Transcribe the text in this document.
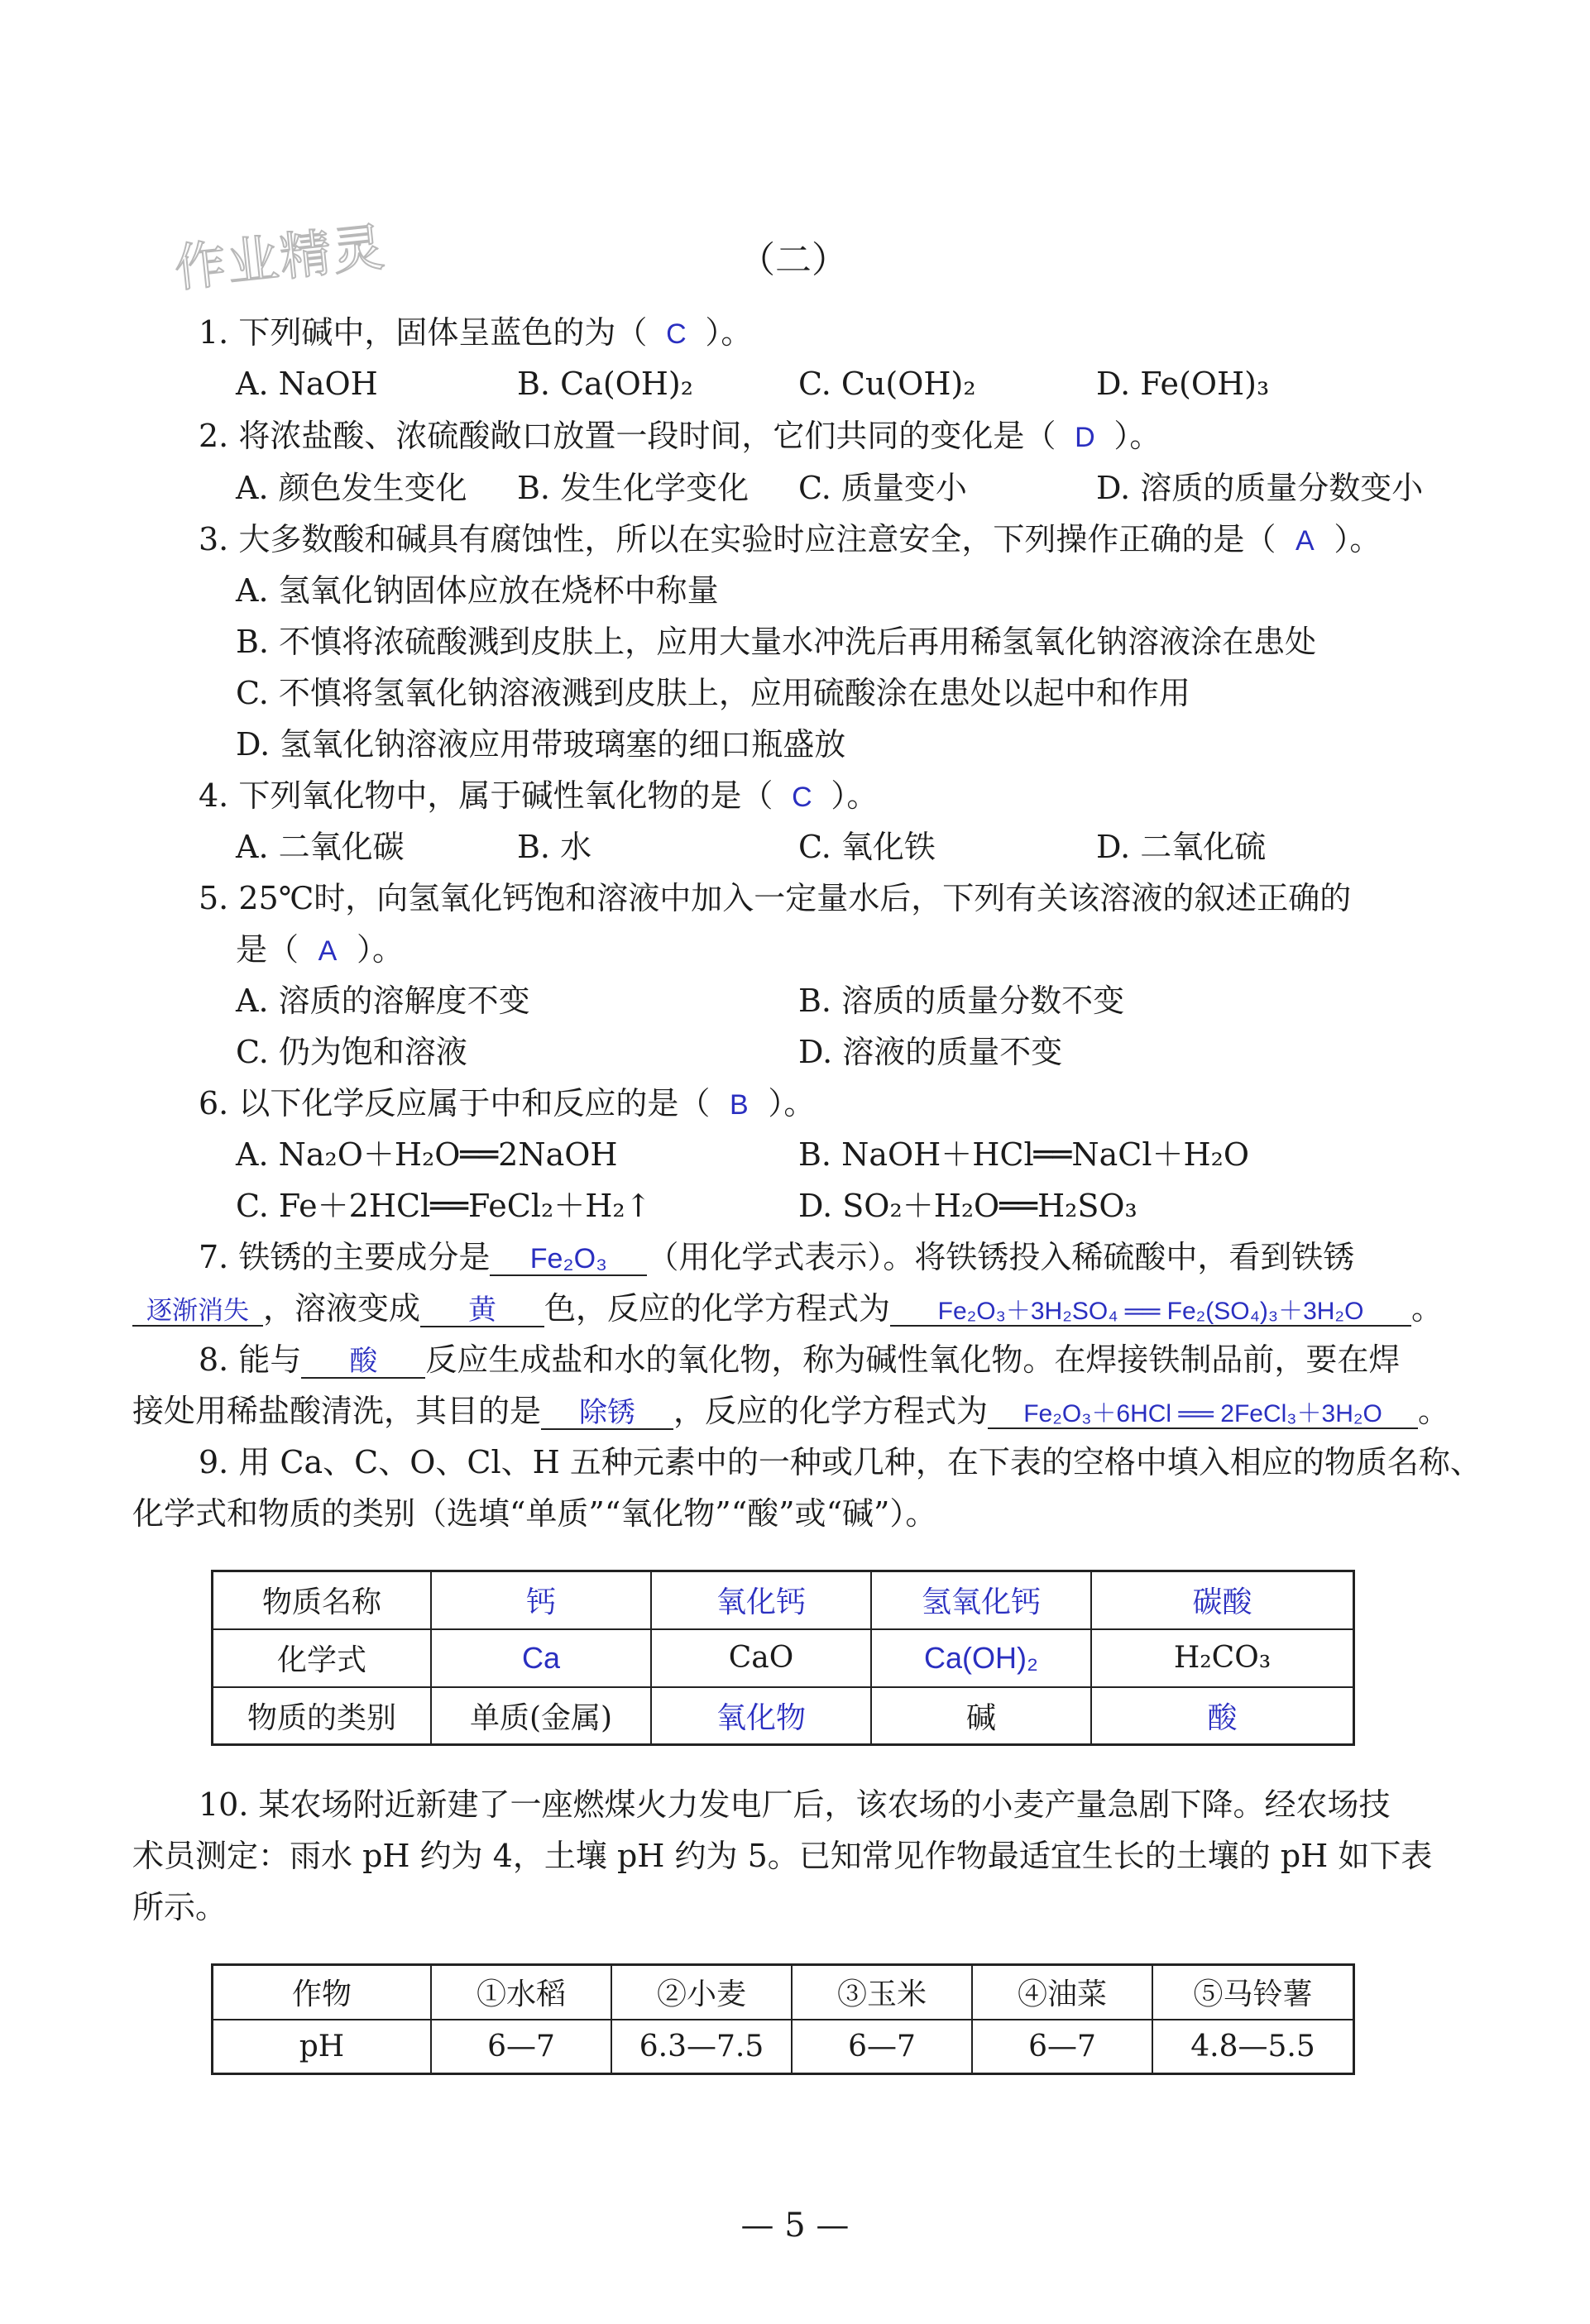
作业精灵	（二）
1. 下列碱中，固体呈蓝色的为（ C ）。
A. NaOH	B. Ca(OH)₂	C. Cu(OH)₂	D. Fe(OH)₃
2. 将浓盐酸、浓硫酸敞口放置一段时间，它们共同的变化是（ D ）。
A. 颜色发生变化 B. 发生化学变化 C. 质量变小	D. 溶质的质量分数变小
3. 大多数酸和碱具有腐蚀性，所以在实验时应注意安全，下列操作正确的是（ A ）。
A. 氢氧化钠固体应放在烧杯中称量
B. 不慎将浓硫酸溅到皮肤上，应用大量水冲洗后再用稀氢氧化钠溶液涂在患处
C. 不慎将氢氧化钠溶液溅到皮肤上，应用硫酸涂在患处以起中和作用
D. 氢氧化钠溶液应用带玻璃塞的细口瓶盛放
4. 下列氧化物中，属于碱性氧化物的是（ C ）。
A. 二氧化碳	B. 水	C. 氧化铁	D. 二氧化硫
5. 25℃时，向氢氧化钙饱和溶液中加入一定量水后，下列有关该溶液的叙述正确的
是（ A ）。
A. 溶质的溶解度不变	B. 溶质的质量分数不变
C. 仍为饱和溶液	D. 溶液的质量不变
6. 以下化学反应属于中和反应的是（ B ）。
A. Na₂O＋H₂O══2NaOH	B. NaOH＋HCl══NaCl＋H₂O
C. Fe＋2HCl══FeCl₂＋H₂↑	D. SO₂＋H₂O══H₂SO₃
7. 铁锈的主要成分是 Fe₂O₃ （用化学式表示）。将铁锈投入稀硫酸中，看到铁锈
逐渐消失 ，溶液变成 黄 色，反应的化学方程式为 Fe₂O₃＋3H₂SO₄ ══ Fe₂(SO₄)₃＋3H₂O 。
8. 能与 酸 反应生成盐和水的氧化物，称为碱性氧化物。在焊接铁制品前，要在焊
接处用稀盐酸清洗，其目的是 除锈 ，反应的化学方程式为 Fe₂O₃＋6HCl ══ 2FeCl₃＋3H₂O 。
9. 用 Ca、C、O、Cl、H 五种元素中的一种或几种，在下表的空格中填入相应的物质名称、
化学式和物质的类别（选填“单质”“氧化物”“酸”或“碱”）。
物质名称	钙	氧化钙	氢氧化钙	碳酸
化学式	Ca	CaO	Ca(OH)₂	H₂CO₃
物质的类别	单质(金属)	氧化物	碱	酸
10. 某农场附近新建了一座燃煤火力发电厂后，该农场的小麦产量急剧下降。经农场技
术员测定：雨水 pH 约为 4，土壤 pH 约为 5。已知常见作物最适宜生长的土壤的 pH 如下表
所示。
作物	①水稻	②小麦	③玉米	④油菜	⑤马铃薯
pH	6—7	6.3—7.5	6—7	6—7	4.8—5.5
— 5 —
